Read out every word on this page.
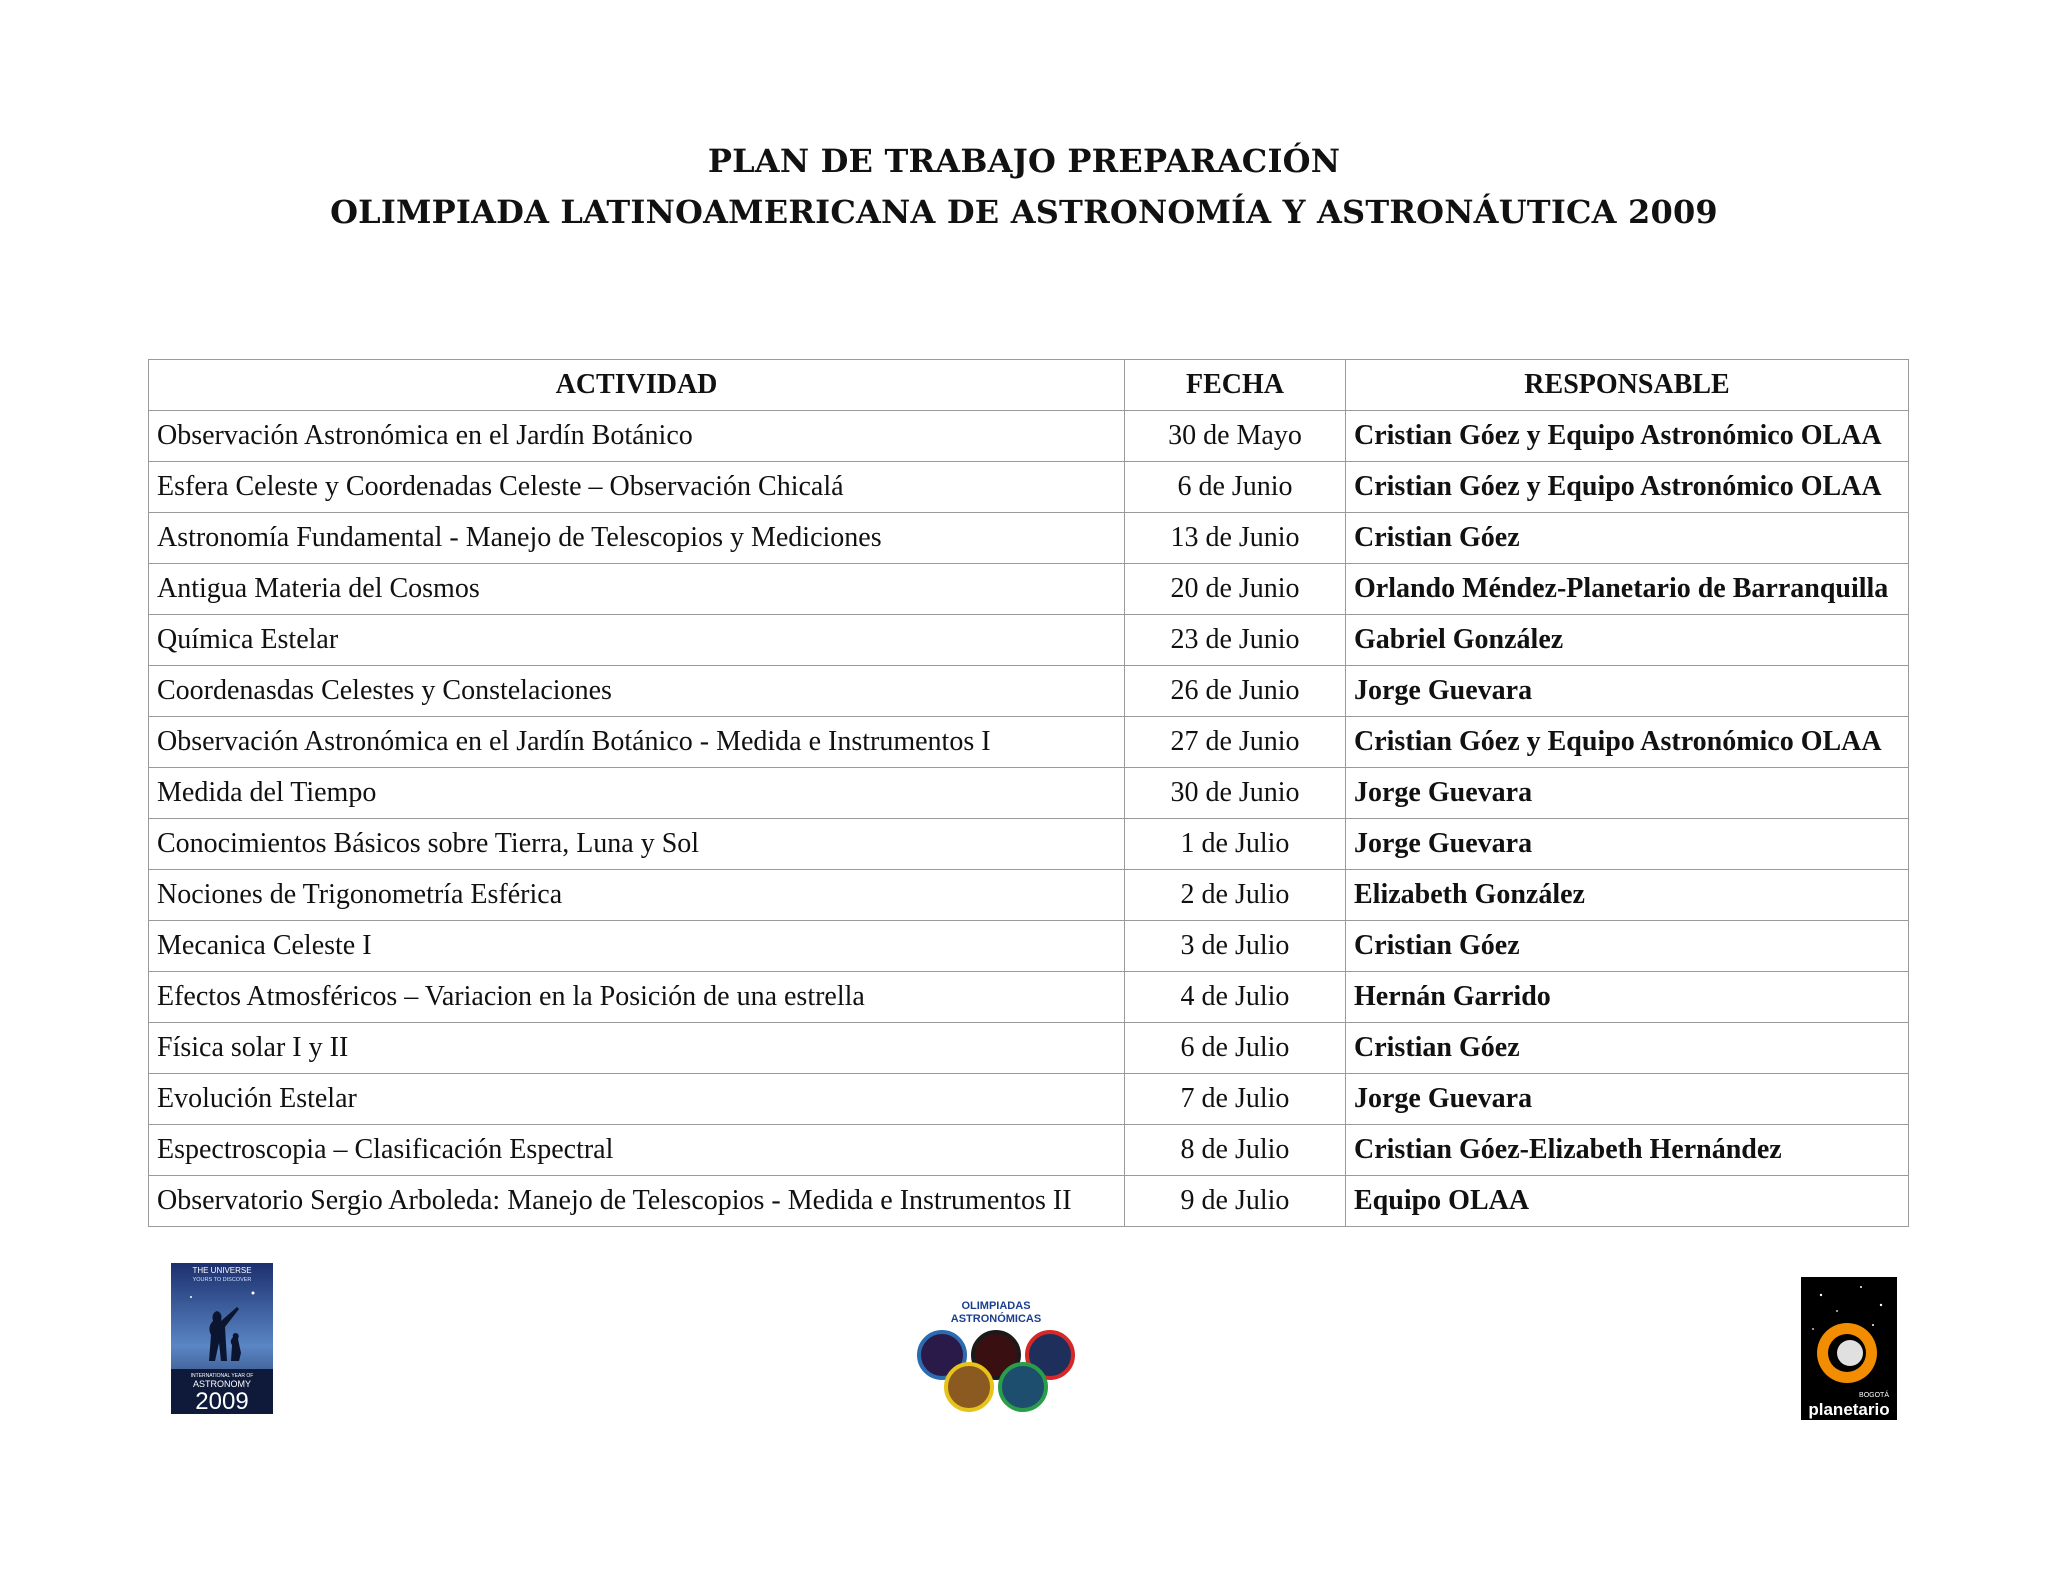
PLAN DE TRABAJO PREPARACIÓN
OLIMPIADA LATINOAMERICANA DE ASTRONOMÍA Y ASTRONÁUTICA 2009
ACTIVIDAD	FECHA	RESPONSABLE
Observación Astronómica en el Jardín Botánico	30 de Mayo	Cristian Góez y Equipo Astronómico OLAA
Esfera Celeste y Coordenadas Celeste – Observación Chicalá	6 de Junio	Cristian Góez y Equipo Astronómico OLAA
Astronomía Fundamental - Manejo de Telescopios y Mediciones	13 de Junio	Cristian Góez
Antigua Materia del Cosmos	20 de Junio	Orlando Méndez-Planetario de Barranquilla
Química Estelar	23 de Junio	Gabriel González
Coordenasdas Celestes y Constelaciones	26 de Junio	Jorge Guevara
Observación Astronómica en el Jardín Botánico - Medida e Instrumentos I	27 de Junio	Cristian Góez y Equipo Astronómico OLAA
Medida del Tiempo	30 de Junio	Jorge Guevara
Conocimientos Básicos sobre Tierra, Luna y Sol	1 de Julio	Jorge Guevara
Nociones de Trigonometría Esférica	2 de Julio	Elizabeth González
Mecanica Celeste I	3 de Julio	Cristian Góez
Efectos Atmosféricos – Variacion en la Posición de una estrella	4 de Julio	Hernán Garrido
Física solar I y II	6 de Julio	Cristian Góez
Evolución Estelar	7 de Julio	Jorge Guevara
Espectroscopia – Clasificación Espectral	8 de Julio	Cristian Góez-Elizabeth Hernández
Observatorio Sergio Arboleda: Manejo de Telescopios - Medida e Instrumentos II	9 de Julio	Equipo OLAA
THE UNIVERSE
YOURS TO DISCOVER
INTERNATIONAL YEAR OF
ASTRONOMY
2009
OLIMPIADAS
ASTRONÓMICAS
BOGOTÁ
planetario
